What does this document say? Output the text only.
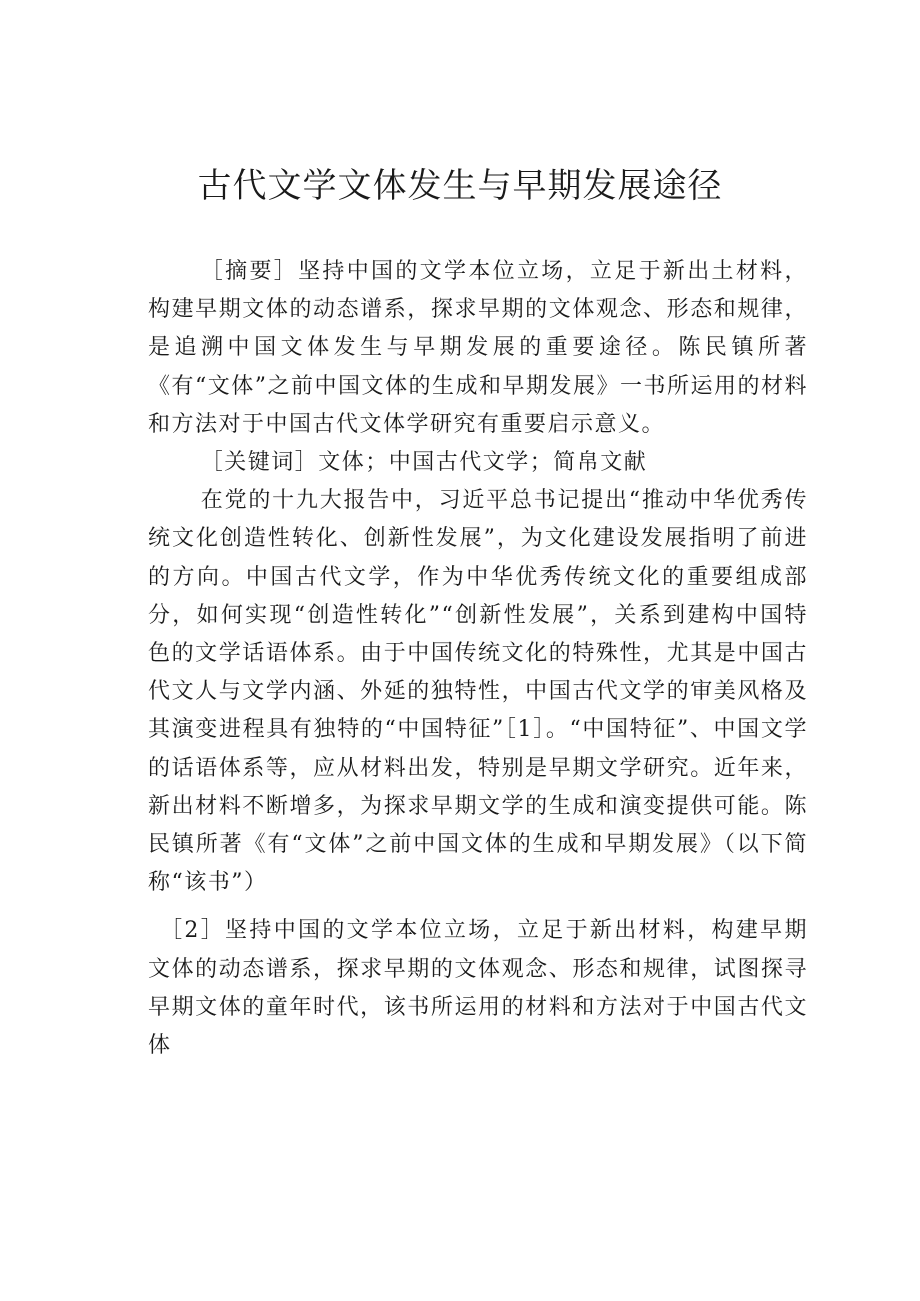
古代文学文体发生与早期发展途径

［摘要］坚持中国的文学本位立场，立足于新出土材料，构建早期文体的动态谱系，探求早期的文体观念、形态和规律，是追溯中国文体发生与早期发展的重要途径。陈民镇所著《有“文体”之前中国文体的生成和早期发展》一书所运用的材料和方法对于中国古代文体学研究有重要启示意义。

［关键词］文体；中国古代文学；简帛文献

在党的十九大报告中，习近平总书记提出“推动中华优秀传统文化创造性转化、创新性发展”，为文化建设发展指明了前进的方向。中国古代文学，作为中华优秀传统文化的重要组成部分，如何实现“创造性转化”“创新性发展”，关系到建构中国特色的文学话语体系。由于中国传统文化的特殊性，尤其是中国古代文人与文学内涵、外延的独特性，中国古代文学的审美风格及其演变进程具有独特的“中国特征”［1］。“中国特征”、中国文学的话语体系等，应从材料出发，特别是早期文学研究。近年来，新出材料不断增多，为探求早期文学的生成和演变提供可能。陈民镇所著《有“文体”之前中国文体的生成和早期发展》（以下简称“该书”）

［2］坚持中国的文学本位立场，立足于新出材料，构建早期文体的动态谱系，探求早期的文体观念、形态和规律，试图探寻早期文体的童年时代，该书所运用的材料和方法对于中国古代文体
